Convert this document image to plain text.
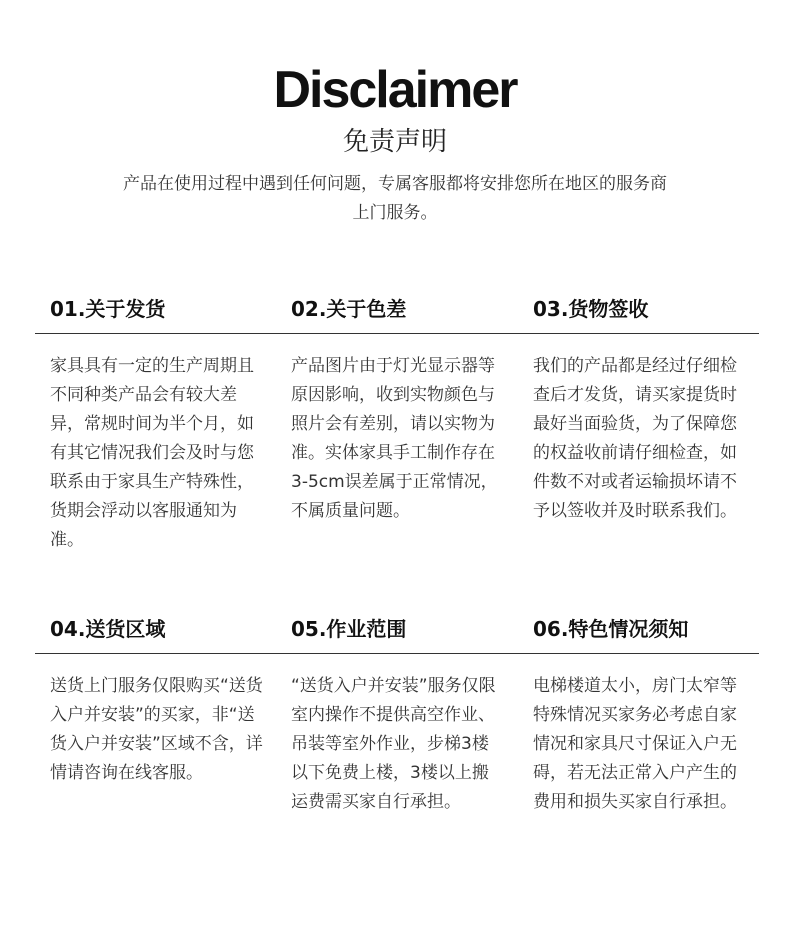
Disclaimer
免责声明
产品在使用过程中遇到任何问题，专属客服都将安排您所在地区的服务商上门服务。
01.关于发货	02.关于色差	03.货物签收
家具具有一定的生产周期且不同种类产品会有较大差异，常规时间为半个月，如有其它情况我们会及时与您联系由于家具生产特殊性，货期会浮动以客服通知为准。
产品图片由于灯光显示器等原因影响，收到实物颜色与照片会有差别，请以实物为准。实体家具手工制作存在3-5cm误差属于正常情况，不属质量问题。
我们的产品都是经过仔细检查后才发货，请买家提货时最好当面验货，为了保障您的权益收前请仔细检查，如件数不对或者运输损坏请不予以签收并及时联系我们。
04.送货区域	05.作业范围	06.特色情况须知
送货上门服务仅限购买“送货入户并安装”的买家，非“送货入户并安装”区域不含，详情请咨询在线客服。
“送货入户并安装”服务仅限室内操作不提供高空作业、吊装等室外作业，步梯3楼以下免费上楼，3楼以上搬运费需买家自行承担。
电梯楼道太小，房门太窄等特殊情况买家务必考虑自家情况和家具尺寸保证入户无碍，若无法正常入户产生的费用和损失买家自行承担。
